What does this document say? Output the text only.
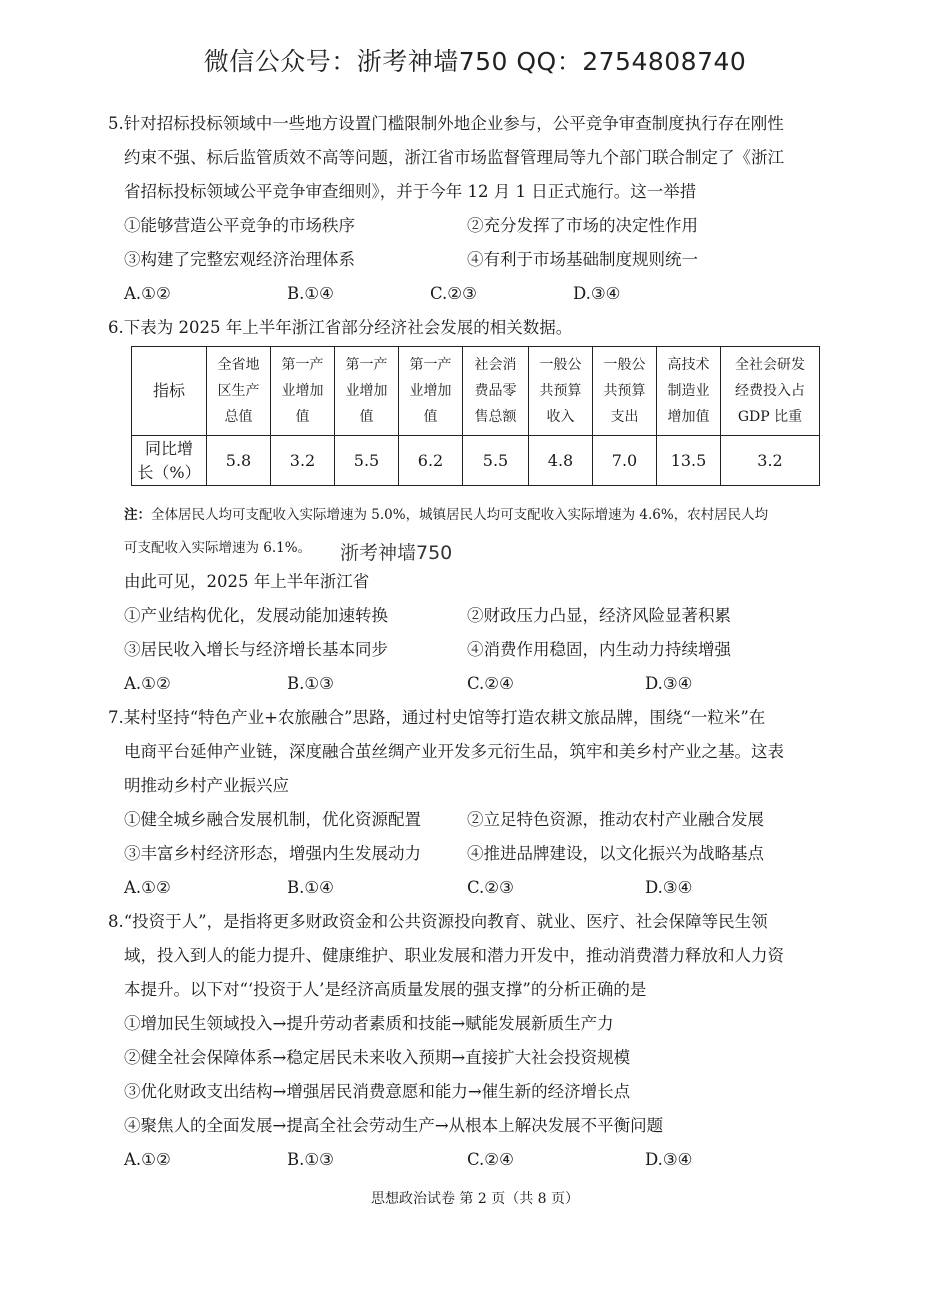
微信公众号：浙考神墙750 QQ：2754808740
5.针对招标投标领域中一些地方设置门槛限制外地企业参与，公平竞争审查制度执行存在刚性
约束不强、标后监管质效不高等问题，浙江省市场监督管理局等九个部门联合制定了《浙江
省招标投标领域公平竞争审查细则》，并于今年 12 月 1 日正式施行。这一举措
①能够营造公平竞争的市场秩序	②充分发挥了市场的决定性作用
③构建了完整宏观经济治理体系	④有利于市场基础制度规则统一
A.①②	B.①④	C.②③	D.③④
6.下表为 2025 年上半年浙江省部分经济社会发展的相关数据。
指标	全省地
区生产
总值	第一产
业增加
值	第一产
业增加
值	第一产
业增加
值	社会消
费品零
售总额	一般公
共预算
收入	一般公
共预算
支出	高技术
制造业
增加值	全社会研发
经费投入占
GDP 比重
同比增
长（%）	5.8	3.2	5.5	6.2	5.5	4.8	7.0	13.5	3.2
注：全体居民人均可支配收入实际增速为 5.0%，城镇居民人均可支配收入实际增速为 4.6%，农村居民人均
可支配收入实际增速为 6.1%。 浙考神墙750
由此可见，2025 年上半年浙江省
①产业结构优化，发展动能加速转换	②财政压力凸显，经济风险显著积累
③居民收入增长与经济增长基本同步	④消费作用稳固，内生动力持续增强
A.①②	B.①③	C.②④	D.③④
7.某村坚持“特色产业+农旅融合”思路，通过村史馆等打造农耕文旅品牌，围绕“一粒米”在
电商平台延伸产业链，深度融合茧丝绸产业开发多元衍生品，筑牢和美乡村产业之基。这表
明推动乡村产业振兴应
①健全城乡融合发展机制，优化资源配置	②立足特色资源，推动农村产业融合发展
③丰富乡村经济形态，增强内生发展动力	④推进品牌建设，以文化振兴为战略基点
A.①②	B.①④	C.②③	D.③④
8.“投资于人”，是指将更多财政资金和公共资源投向教育、就业、医疗、社会保障等民生领
域，投入到人的能力提升、健康维护、职业发展和潜力开发中，推动消费潜力释放和人力资
本提升。以下对“‘投资于人’是经济高质量发展的强支撑”的分析正确的是
①增加民生领域投入→提升劳动者素质和技能→赋能发展新质生产力
②健全社会保障体系→稳定居民未来收入预期→直接扩大社会投资规模
③优化财政支出结构→增强居民消费意愿和能力→催生新的经济增长点
④聚焦人的全面发展→提高全社会劳动生产→从根本上解决发展不平衡问题
A.①②	B.①③	C.②④	D.③④
思想政治试卷 第 2 页（共 8 页）
